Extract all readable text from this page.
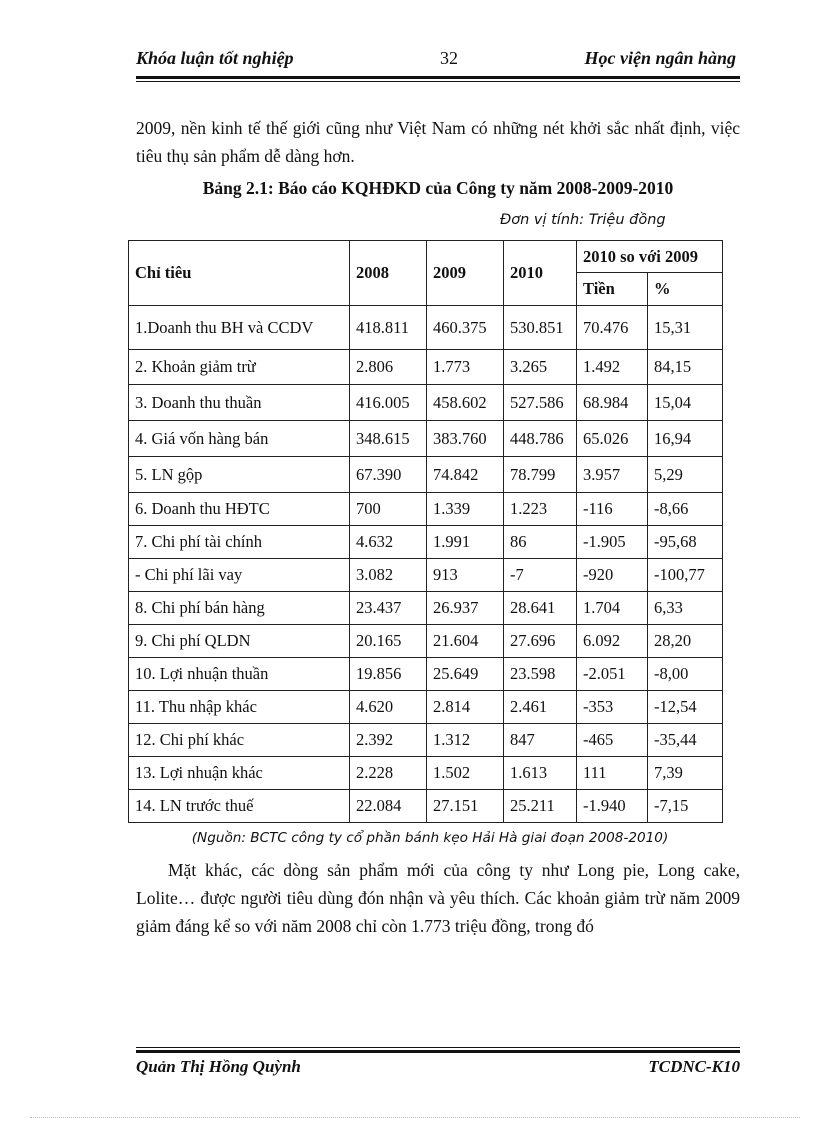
Khóa luận tốt nghiệp	32	Học viện ngân hàng
2009, nền kinh tế thế giới cũng như Việt Nam có những nét khởi sắc nhất định, việc tiêu thụ sản phẩm dễ dàng hơn.
Bảng 2.1: Báo cáo KQHĐKD của Công ty năm 2008-2009-2010
Đơn vị tính: Triệu đồng
Chỉ tiêu	2008	2009	2010	2010 so với 2009	
				Tiền	%
1.Doanh thu BH và CCDV	418.811	460.375	530.851	70.476	15,31
2. Khoản giảm trừ	2.806	1.773	3.265	1.492	84,15
3. Doanh thu thuần	416.005	458.602	527.586	68.984	15,04
4. Giá vốn hàng bán	348.615	383.760	448.786	65.026	16,94
5. LN gộp	67.390	74.842	78.799	3.957	5,29
6. Doanh thu HĐTC	700	1.339	1.223	-116	-8,66
7. Chi phí tài chính	4.632	1.991	86	-1.905	-95,68
- Chi phí lãi vay	3.082	913	-7	-920	-100,77
8. Chi phí bán hàng	23.437	26.937	28.641	1.704	6,33
9. Chi phí QLDN	20.165	21.604	27.696	6.092	28,20
10. Lợi nhuận thuần	19.856	25.649	23.598	-2.051	-8,00
11. Thu nhập khác	4.620	2.814	2.461	-353	-12,54
12. Chi phí khác	2.392	1.312	847	-465	-35,44
13. Lợi nhuận khác	2.228	1.502	1.613	111	7,39
14. LN trước thuế	22.084	27.151	25.211	-1.940	-7,15
(Nguồn: BCTC công ty cổ phần bánh kẹo Hải Hà giai đoạn 2008-2010)
Mặt khác, các dòng sản phẩm mới của công ty như Long pie, Long cake, Lolite… được người tiêu dùng đón nhận và yêu thích. Các khoản giảm trừ năm 2009 giảm đáng kể so với năm 2008 chỉ còn 1.773 triệu đồng, trong đó
Quản Thị Hồng Quỳnh	TCDNC-K10
